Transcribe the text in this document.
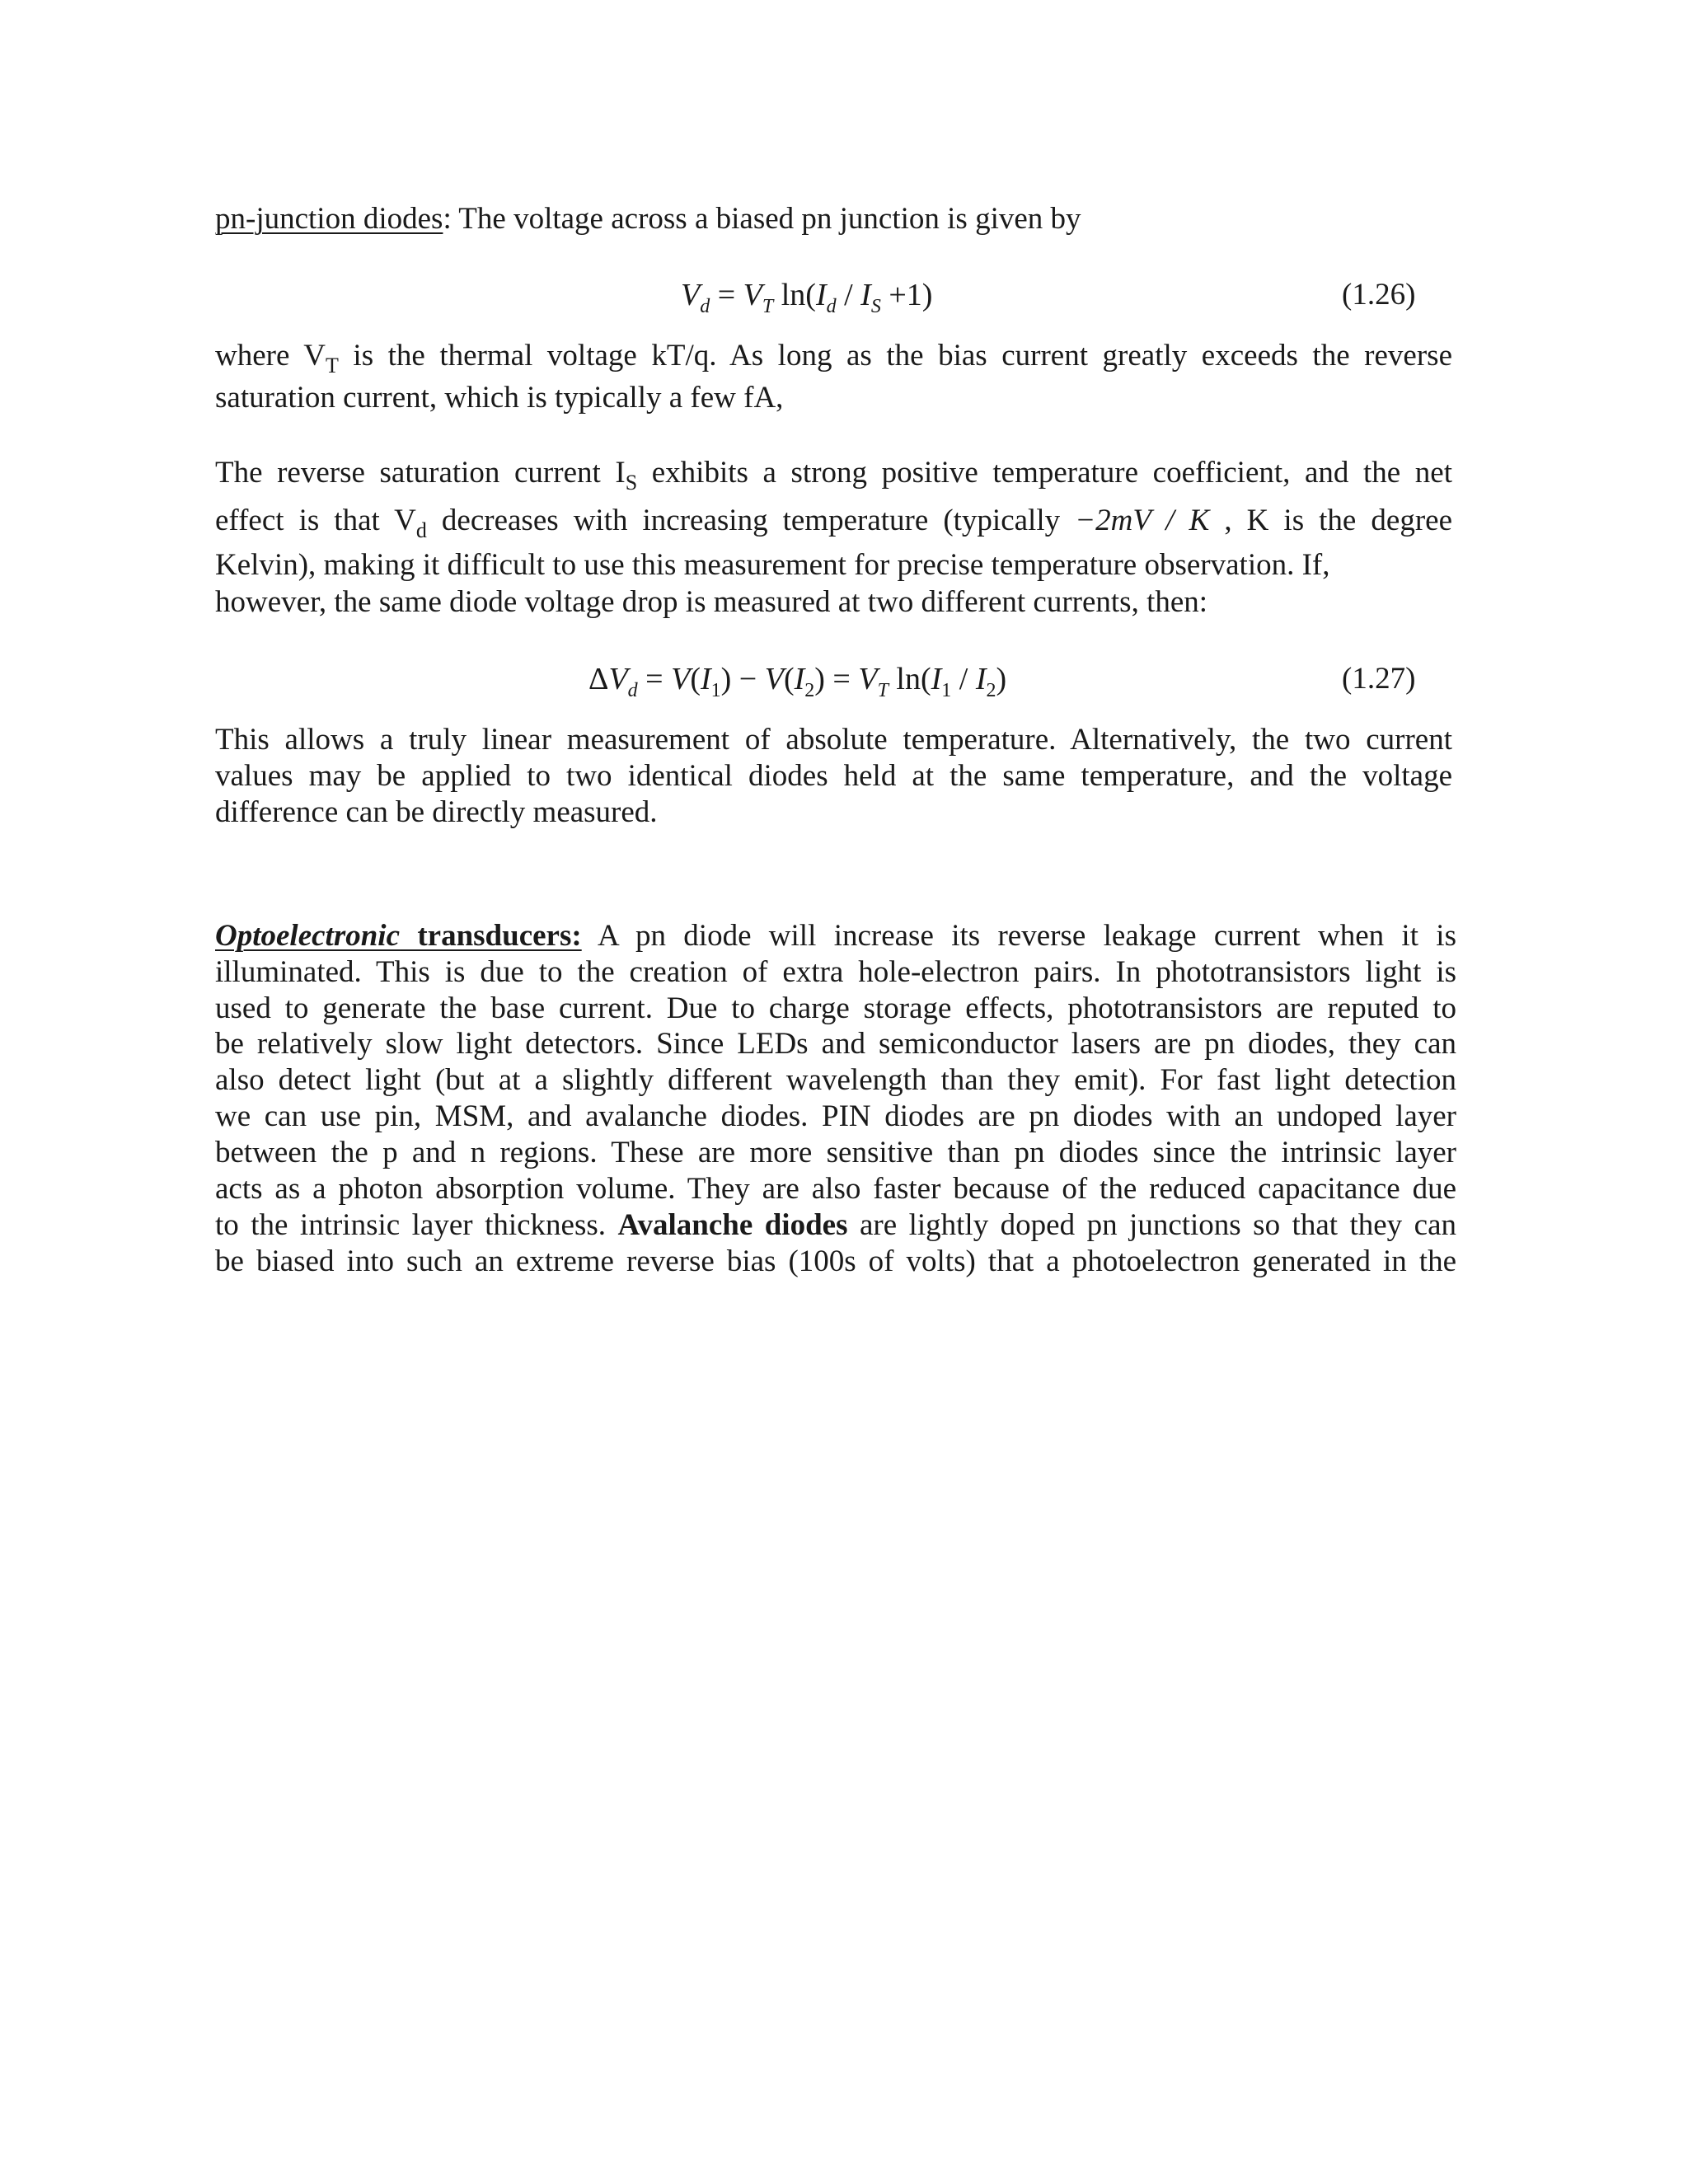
pn-junction diodes: The voltage across a biased pn junction is given by
$V_d = V_T$ $\ln(I_d / I_S +1)$	(1.26)
where $V_T$ is the thermal voltage kT/q. As long as the bias current greatly exceeds the reverse
saturation current, which is typically a few fA,
The reverse saturation current $I_S$ exhibits a strong positive temperature coefficient, and the net
effect is that $V_d$ decreases with increasing temperature (typically −2mV / K , K is the degree
Kelvin), making it difficult to use this measurement for precise temperature observation. If,
however, the same diode voltage drop is measured at two different currents, then:
$\Delta V_d = V(I_1) - V(I_2) = V_T$ $\ln(I_1 / I_2)$	(1.27)
This allows a truly linear measurement of absolute temperature. Alternatively, the two current
values may be applied to two identical diodes held at the same temperature, and the voltage
difference can be directly measured.
Optoelectronic transducers: A pn diode will increase its reverse leakage current when it is
illuminated. This is due to the creation of extra hole-electron pairs. In phototransistors light is
used to generate the base current. Due to charge storage effects, phototransistors are reputed to
be relatively slow light detectors. Since LEDs and semiconductor lasers are pn diodes, they can
also detect light (but at a slightly different wavelength than they emit). For fast light detection
we can use pin, MSM, and avalanche diodes. PIN diodes are pn diodes with an undoped layer
between the p and n regions. These are more sensitive than pn diodes since the intrinsic layer
acts as a photon absorption volume. They are also faster because of the reduced capacitance due
to the intrinsic layer thickness. Avalanche diodes are lightly doped pn junctions so that they can
be biased into such an extreme reverse bias (100s of volts) that a photoelectron generated in the
